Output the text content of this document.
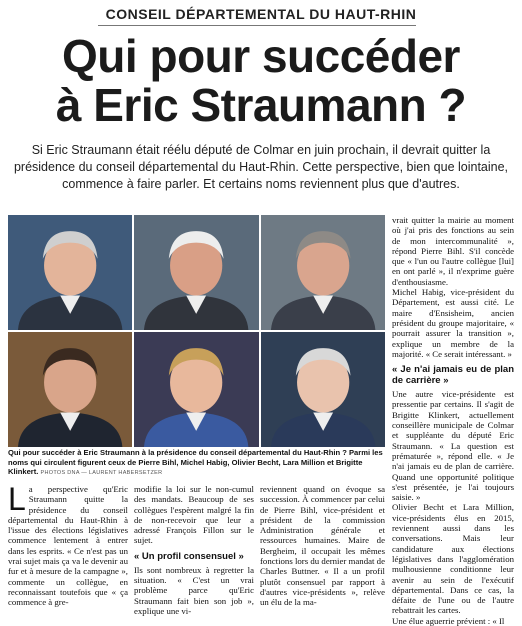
CONSEIL DÉPARTEMENTAL DU HAUT-RHIN
Qui pour succéder
à Eric Straumann ?
Si Eric Straumann était réélu député de Colmar en juin prochain, il devrait quitter la présidence du conseil départemental du Haut-Rhin. Cette perspective, bien que lointaine, commence à faire parler. Et certains noms reviennent plus que d'autres.
Qui pour succéder à Eric Straumann à la présidence du conseil départemental du Haut-Rhin ? Parmi les noms qui circulent figurent ceux de Pierre Bihl, Michel Habig, Olivier Becht, Lara Million et Brigitte Klinkert. PHOTOS DNA — LAURENT HABERSETZER

vrait quitter la mairie au moment où j'ai pris des fonctions au sein de mon intercommunalité », répond Pierre Bihl. S'il concède que « l'un ou l'autre collègue [lui] en ont parlé », il n'exprime guère d'enthousiasme.

Michel Habig, vice-président du Département, est aussi cité. Le maire d'Ensisheim, ancien président du groupe majoritaire, « pourrait assurer la transition », explique un membre de la majorité. « Ce serait intéressant. »

« Je n'ai jamais eu de plan de carrière »

Une autre vice-présidente est pressentie par certains. Il s'agit de Brigitte Klinkert, actuellement conseillère municipale de Colmar et suppléante du député Eric Straumann. « La question est prématurée », répond elle. « Je n'ai jamais eu de plan de carrière. Quand une opportunité politique s'est présentée, je l'ai toujours saisie. »

Olivier Becht et Lara Million, vice-présidents élus en 2015, reviennent aussi dans les conversations. Mais leur candidature aux élections législatives dans l'agglomération mulhousienne conditionne leur avenir au sein de l'exécutif départemental. Dans ce cas, la défaite de l'une ou de l'autre rebattrait les cartes.

Une élue aguerrie prévient : « Il

L a perspective qu'Eric Straumann quitte la présidence du conseil départemental du Haut-Rhin à l'issue des élections législatives commence lentement à entrer dans les esprits. « Ce n'est pas un vrai sujet mais ça va le devenir au fur et à mesure de la campagne », commente un collègue, en reconnaissant toutefois que « ça commence à gre-

modifie la loi sur le non-cumul des mandats. Beaucoup de ses collègues l'espèrent malgré la fin de non-recevoir que leur a adressé François Fillon sur le sujet.

« Un profil consensuel »

Ils sont nombreux à regretter la situation. « C'est un vrai problème parce qu'Eric Straumann fait bien son job », explique une vi-

reviennent quand on évoque sa succession. À commencer par celui de Pierre Bihl, vice-président et président de la commission Administration générale et ressources humaines. Maire de Bergheim, il occupait les mêmes fonctions lors du dernier mandat de Charles Buttner. « Il a un profil plutôt consensuel par rapport à d'autres vice-présidents », relève un élu de la ma-
